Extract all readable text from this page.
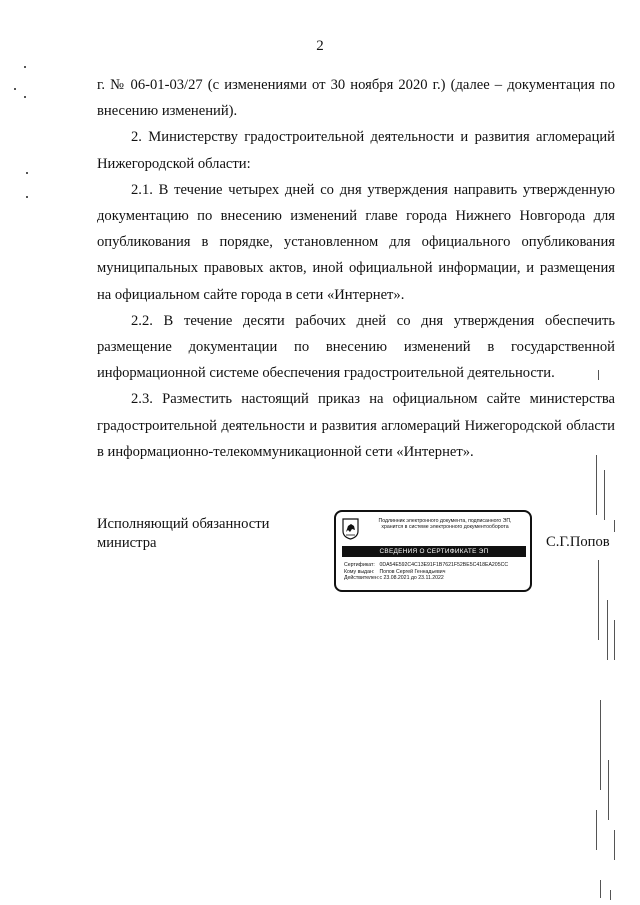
2

г. № 06-01-03/27 (с изменениями от 30 ноября 2020 г.) (далее – документация по внесению изменений).

2. Министерству градостроительной деятельности и развития агломераций Нижегородской области:

2.1. В течение четырех дней со дня утверждения направить утвержденную документацию по внесению изменений главе города Нижнего Новгорода для опубликования в порядке, установленном для официального опубликования муниципальных правовых актов, иной официальной информации, и размещения на официальном сайте города в сети «Интернет».

2.2. В течение десяти рабочих дней со дня утверждения обеспечить размещение документации по внесению изменений в государственной информационной системе обеспечения градостроительной деятельности.

2.3. Разместить настоящий приказ на официальном сайте министерства градостроительной деятельности и развития агломераций Нижегородской области в информационно-телекоммуникационной сети «Интернет».

Исполняющий обязанности
министра
Подлинник электронного документа, подписанного ЭП,
хранится в системе электронного документооборота
СВЕДЕНИЯ О СЕРТИФИКАТЕ ЭП
Сертификат: 0DA54E592C4C13E91F1B7621F52BE5C418EA205CC
Кому выдан: Попов Сергей Геннадьевич
Действителен: с 23.08.2021 до 23.11.2022
С.Г.Попов
